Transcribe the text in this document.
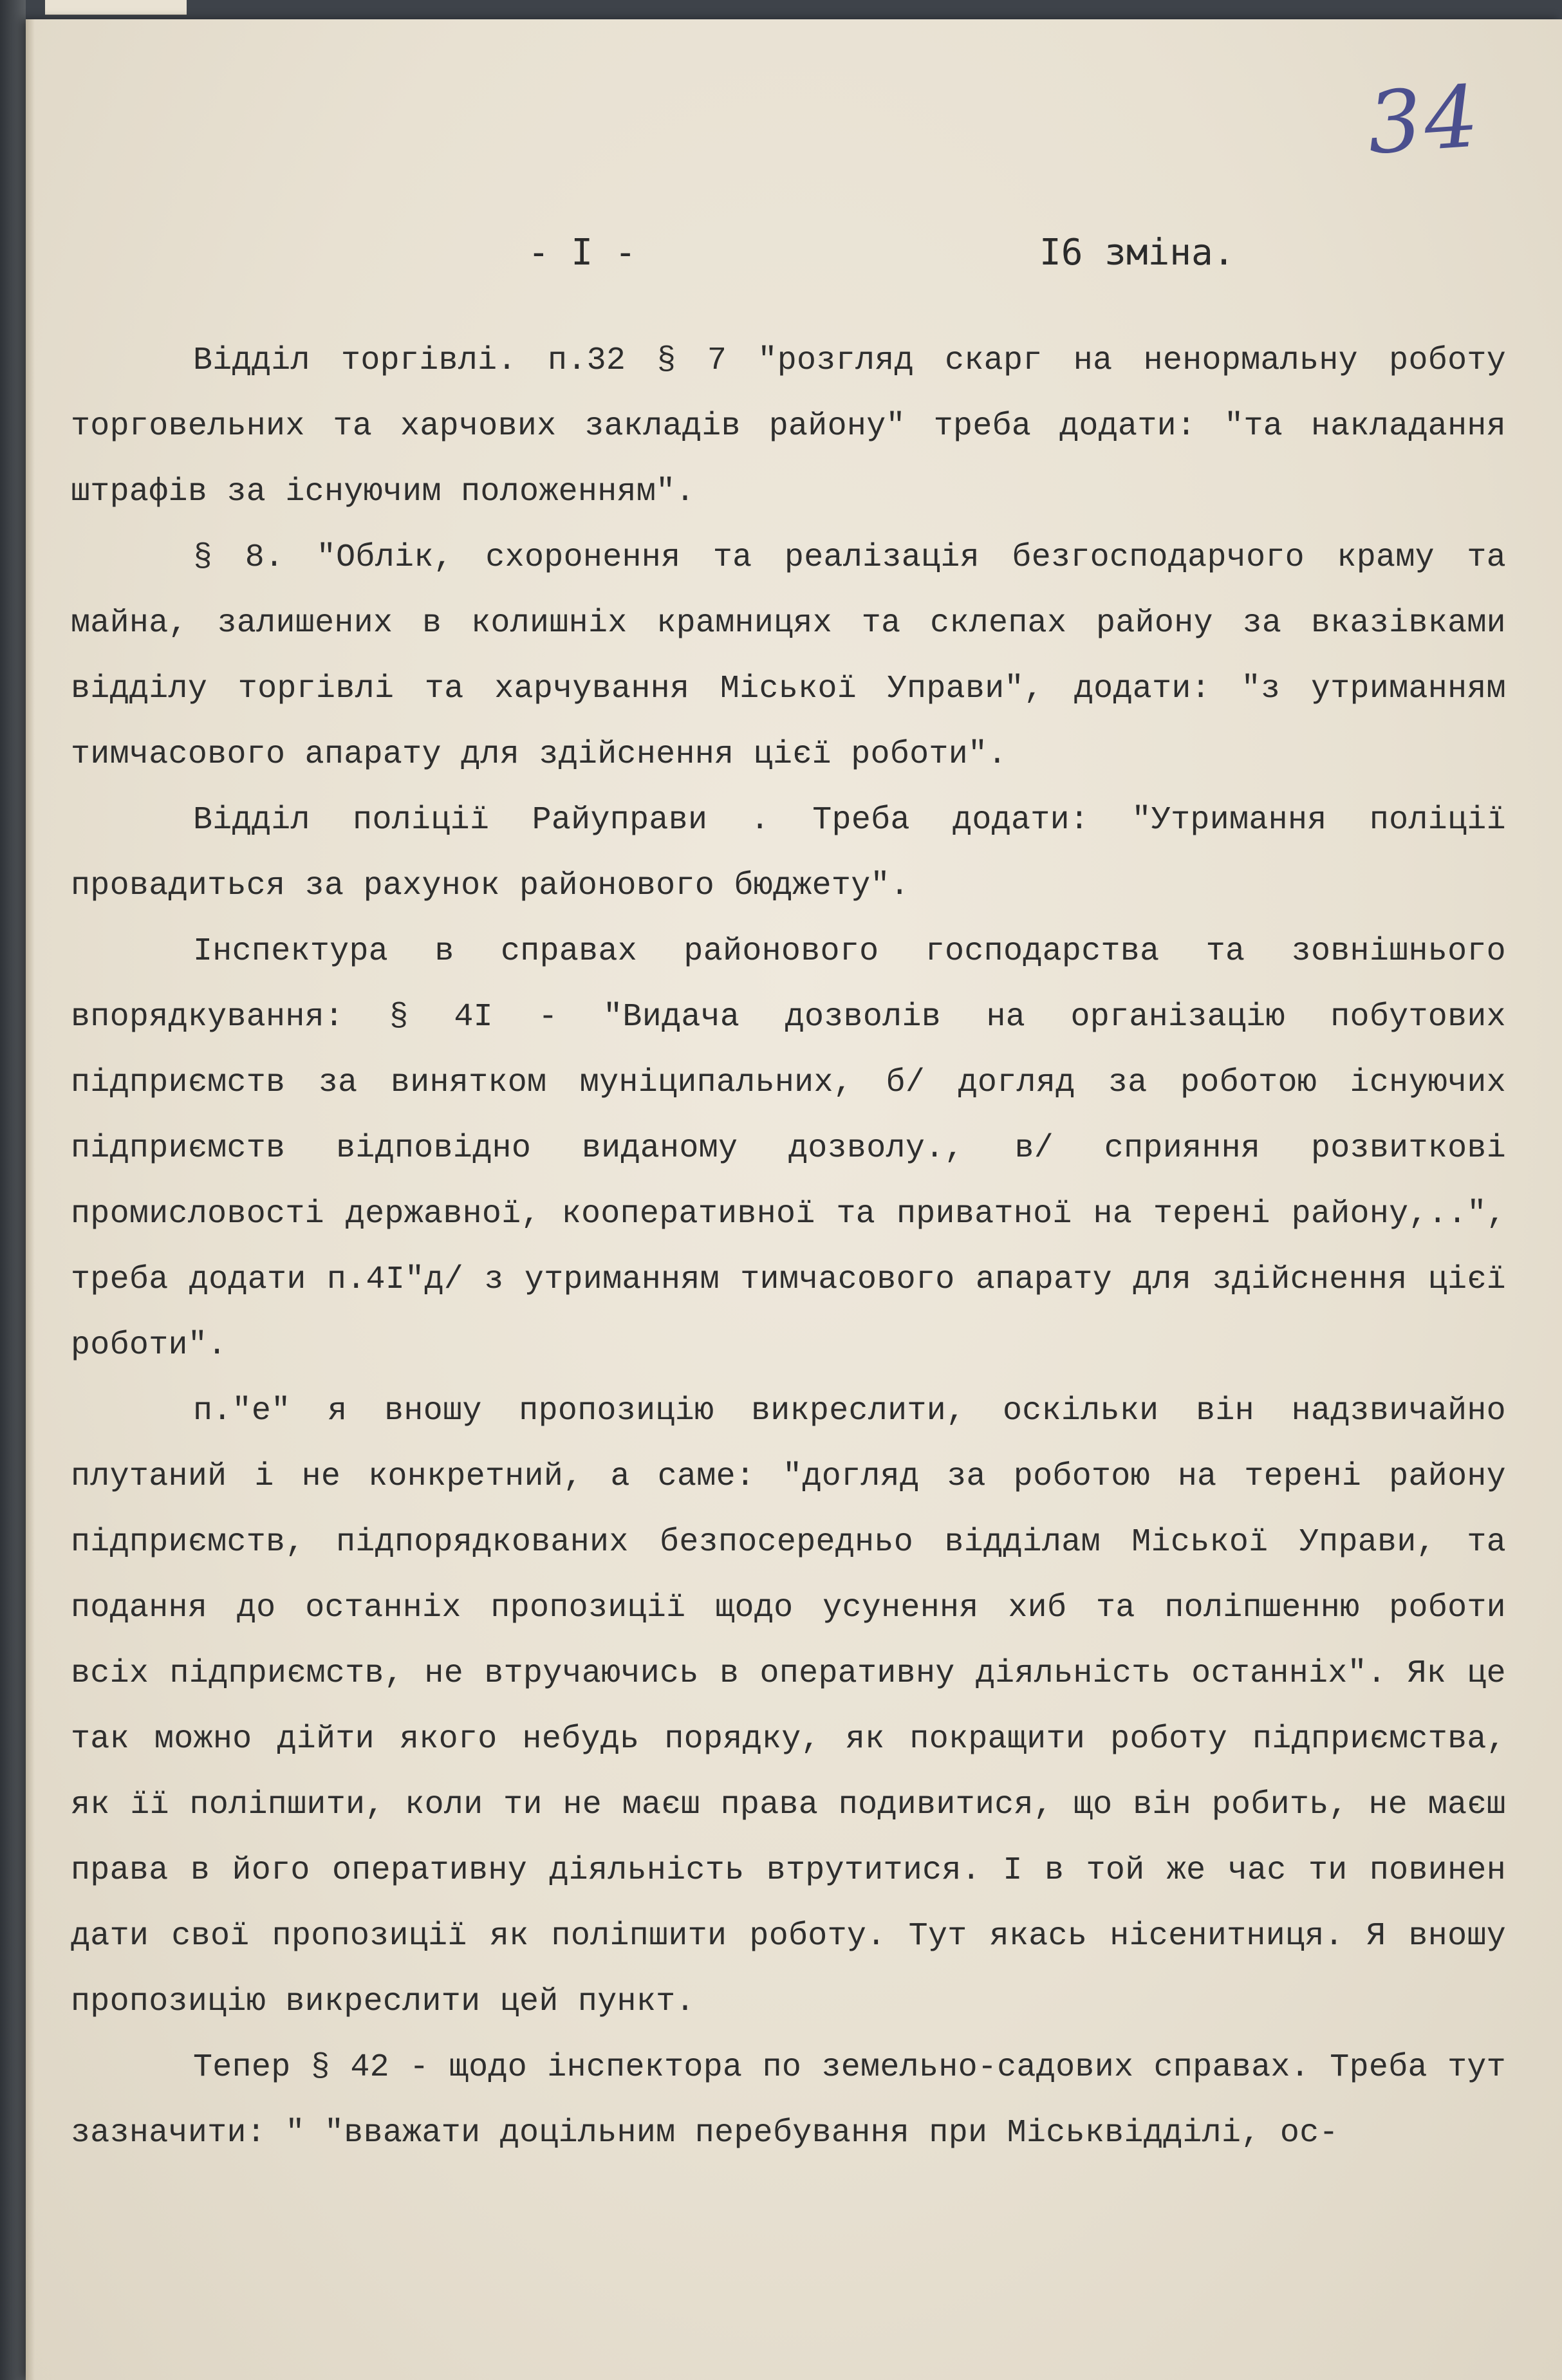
34
- I -	I6 зміна.

Відділ торгівлі. п.32 § 7 "розгляд скарг на ненормальну роботу торговельних та харчових закладів району" треба додати: "та накладання штрафів за існуючим положенням".

§ 8. "Облік, схоронення та реалізація безгосподарчого краму та майна, залишених в колишніх крамницях та склепах району за вказівками відділу торгівлі та харчування Міської Управи", додати: "з утриманням тимчасового апарату для здійснення цієї роботи".

Відділ поліції Райуправи . Треба додати: "Утримання поліції провадиться за рахунок районового бюджету".

Інспектура в справах районового господарства та зовнішнього впорядкування: § 4I - "Видача дозволів на організацію побутових підприємств за винятком муніципальних, б/ догляд за роботою існуючих підприємств відповідно виданому дозволу., в/ сприяння розвиткові промисловості державної, кооперативної та приватної на терені району,..", треба додати п.4I"д/ з утриманням тимчасового апарату для здійснення цієї роботи".

п."е" я вношу пропозицію викреслити, оскільки він надзвичайно плутаний і не конкретний, а саме: "догляд за роботою на терені району підприємств, підпорядкованих безпосередньо відділам Міської Управи, та подання до останніх пропозиції щодо усунення хиб та поліпшенню роботи всіх підприємств, не втручаючись в оперативну діяльність останніх". Як це так можно дійти якого небудь порядку, як покращити роботу підприємства, як її поліпшити, коли ти не маєш права подивитися, що він робить, не маєш права в його оперативну діяльність втрутитися. І в той же час ти повинен дати свої пропозиції як поліпшити роботу. Тут якась нісенитниця. Я вношу пропозицію викреслити цей пункт.

Тепер § 42 - щодо інспектора по земельно-садових справах. Треба тут зазначити: " "вважати доцільним перебування при Міськвідділі, ос-
